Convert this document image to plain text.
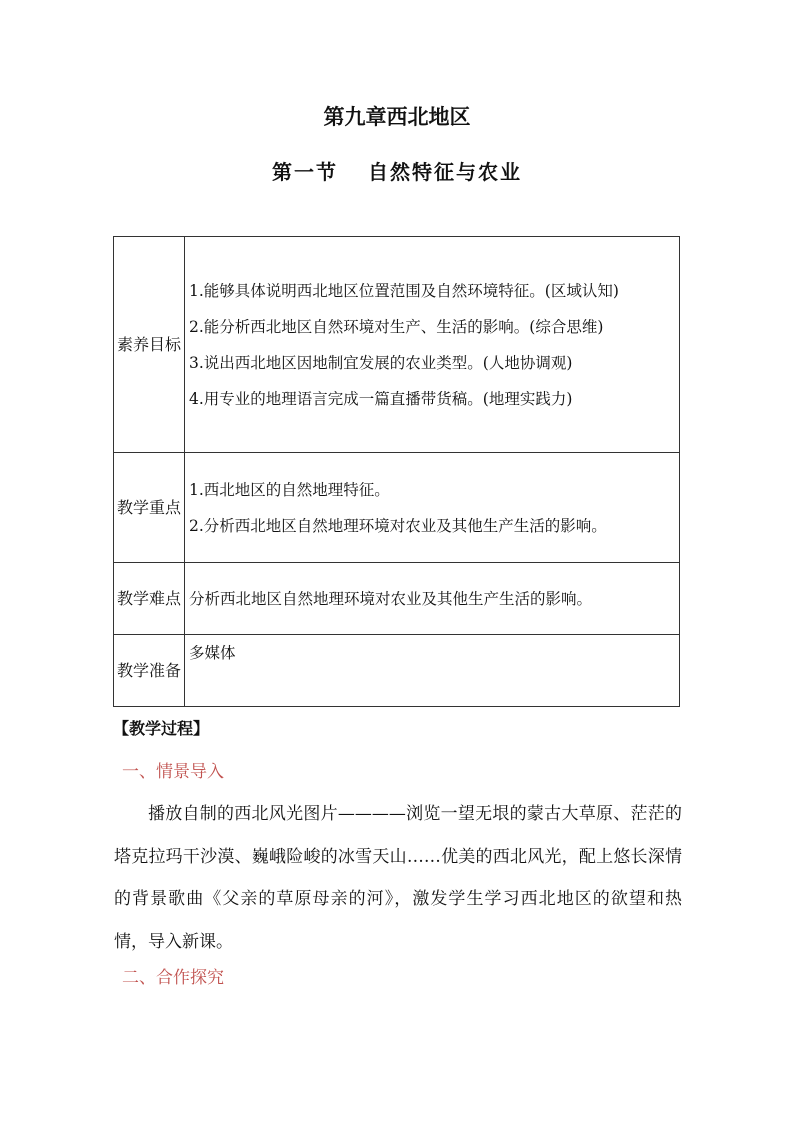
第九章西北地区
第一节 自然特征与农业
素养目标	1.能够具体说明西北地区位置范围及自然环境特征。(区域认知)
2.能分析西北地区自然环境对生产、生活的影响。(综合思维)
3.说出西北地区因地制宜发展的农业类型。(人地协调观)
4.用专业的地理语言完成一篇直播带货稿。(地理实践力)

教学重点	1.西北地区的自然地理特征。
2.分析西北地区自然地理环境对农业及其他生产生活的影响。

教学难点	分析西北地区自然地理环境对农业及其他生产生活的影响。

教学准备	多媒体
【教学过程】
一、情景导入
播放自制的西北风光图片————浏览一望无垠的蒙古大草原、茫茫的塔克拉玛干沙漠、巍峨险峻的冰雪天山……优美的西北风光，配上悠长深情的背景歌曲《父亲的草原母亲的河》，激发学生学习西北地区的欲望和热情，导入新课。
二、合作探究
